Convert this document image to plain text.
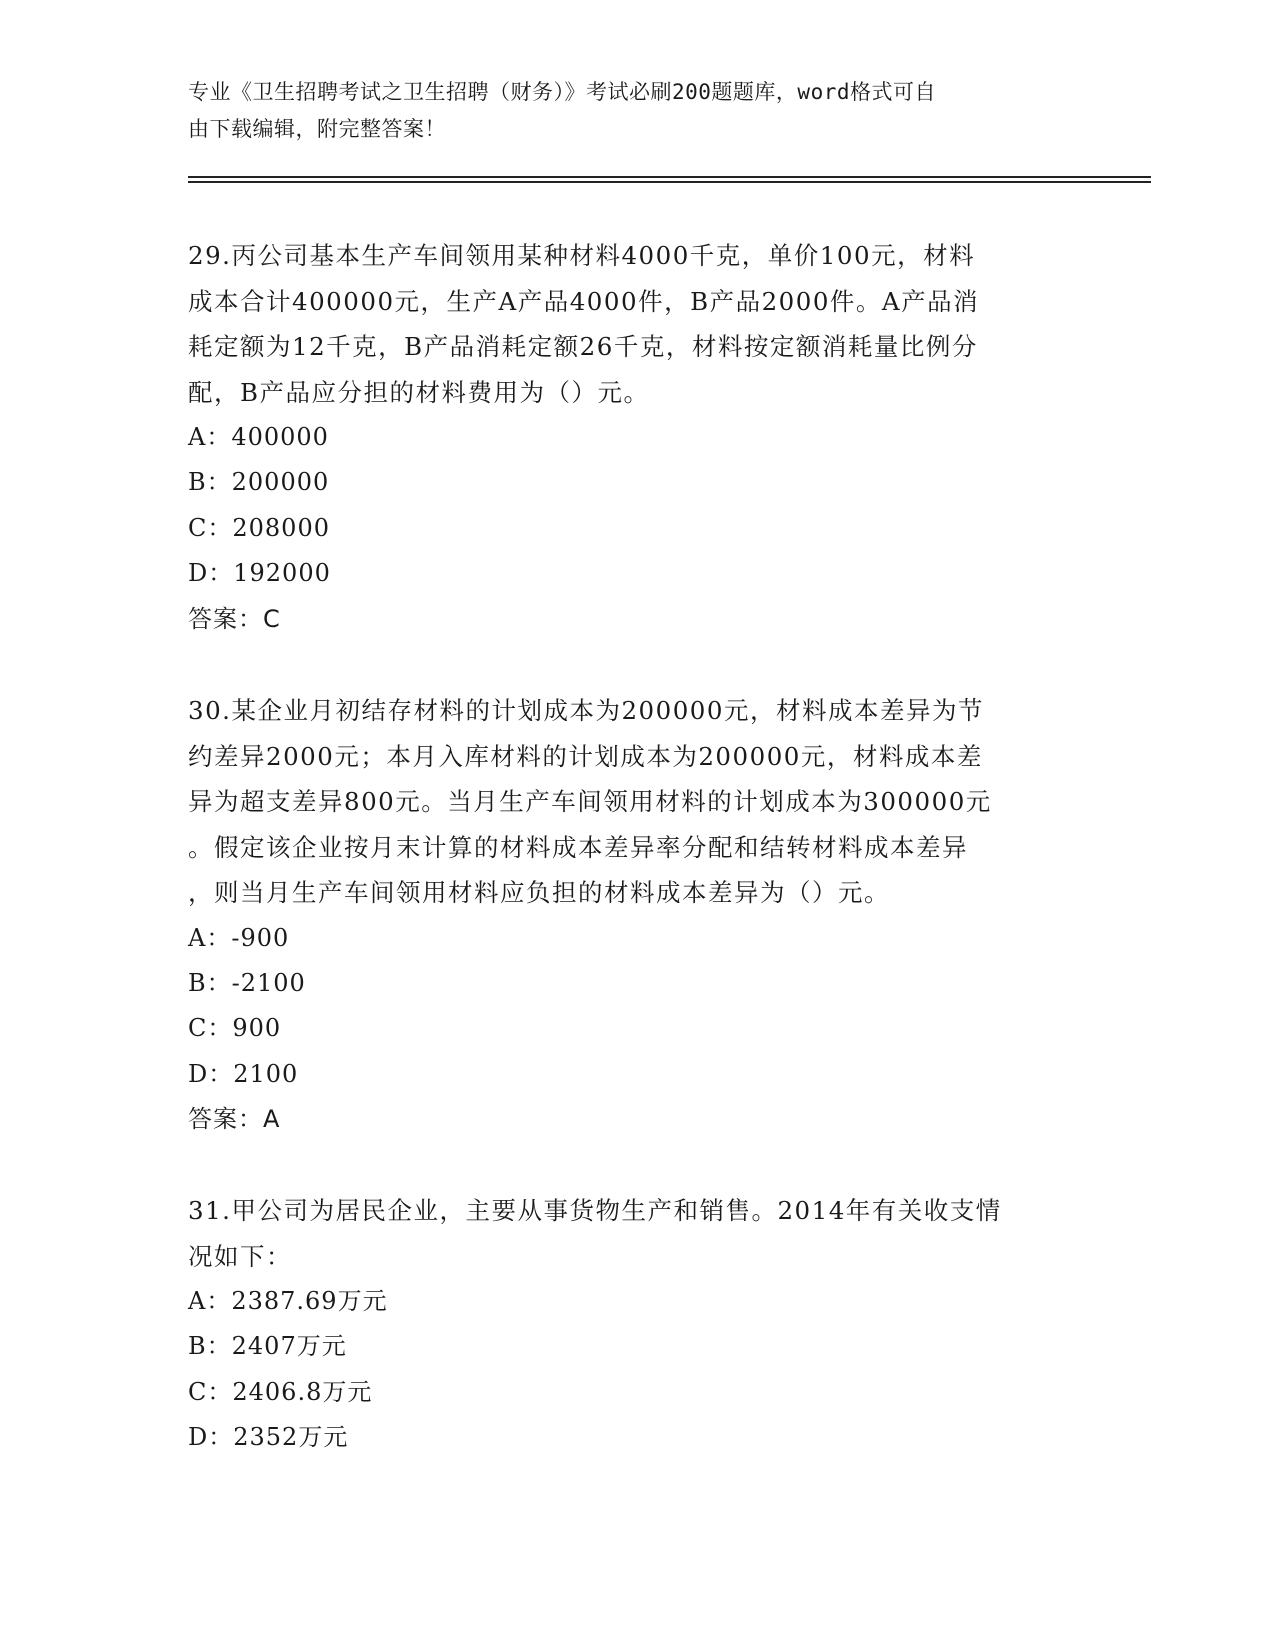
专业《卫生招聘考试之卫生招聘（财务）》考试必刷200题题库，word格式可自
由下载编辑，附完整答案！
29.丙公司基本生产车间领用某种材料4000千克，单价100元，材料
成本合计400000元，生产A产品4000件，B产品2000件。A产品消
耗定额为12千克，B产品消耗定额26千克，材料按定额消耗量比例分
配，B产品应分担的材料费用为（）元。
A：400000
B：200000
C：208000
D：192000
答案：C
30.某企业月初结存材料的计划成本为200000元，材料成本差异为节
约差异2000元；本月入库材料的计划成本为200000元，材料成本差
异为超支差异800元。当月生产车间领用材料的计划成本为300000元
。假定该企业按月末计算的材料成本差异率分配和结转材料成本差异
，则当月生产车间领用材料应负担的材料成本差异为（）元。
A：-900
B：-2100
C：900
D：2100
答案：A
31.甲公司为居民企业，主要从事货物生产和销售。2014年有关收支情
况如下：
A：2387.69万元
B：2407万元
C：2406.8万元
D：2352万元
